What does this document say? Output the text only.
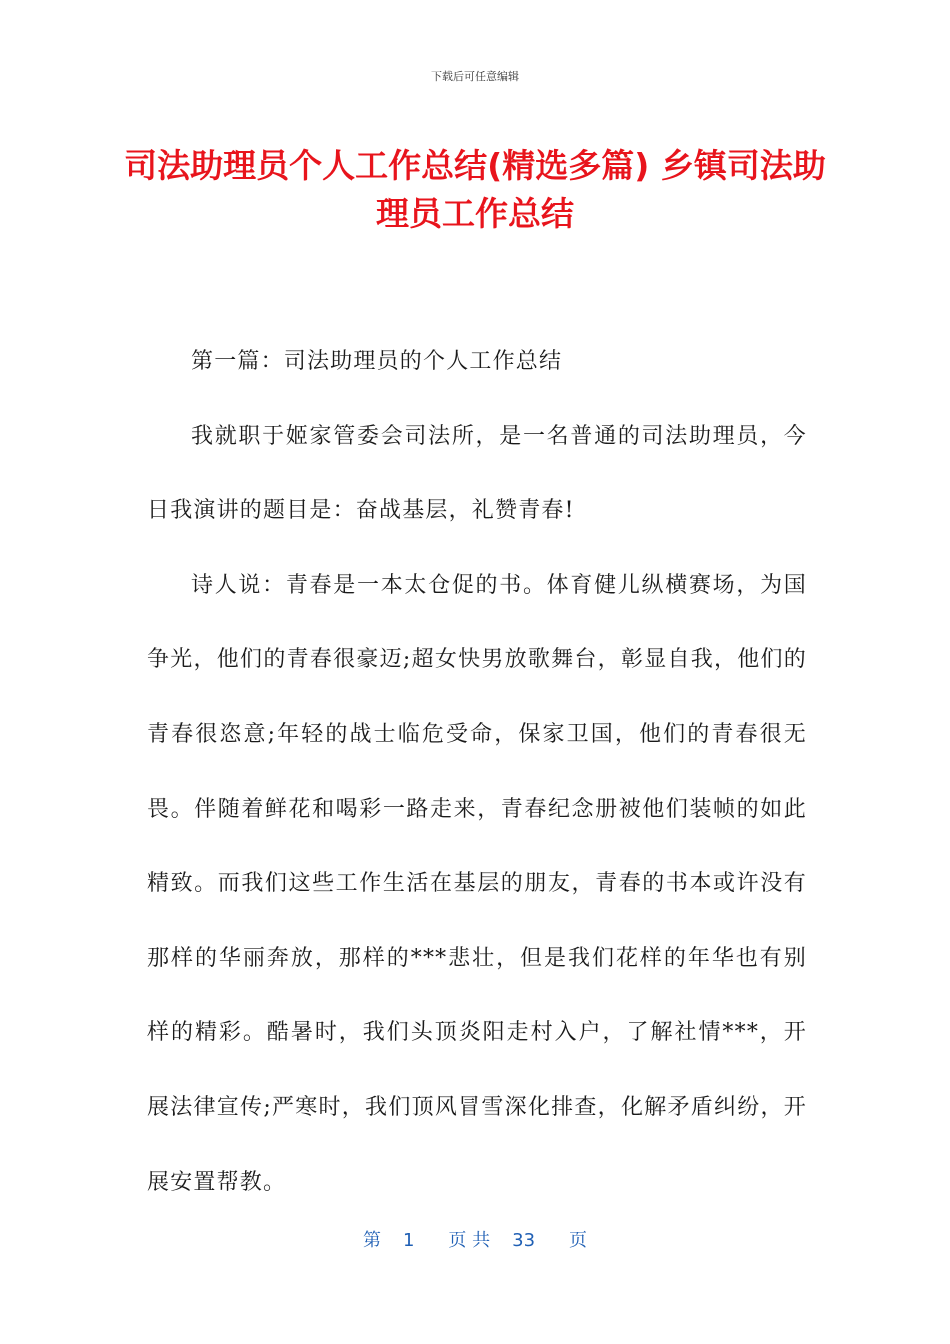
下载后可任意编辑
司法助理员个人工作总结(精选多篇) 乡镇司法助理员工作总结

第一篇：司法助理员的个人工作总结

我就职于姬家管委会司法所，是一名普通的司法助理员，今日我演讲的题目是：奋战基层，礼赞青春!

诗人说：青春是一本太仓促的书。体育健儿纵横赛场，为国争光，他们的青春很豪迈;超女快男放歌舞台，彰显自我，他们的青春很恣意;年轻的战士临危受命，保家卫国，他们的青春很无畏。伴随着鲜花和喝彩一路走来，青春纪念册被他们装帧的如此精致。而我们这些工作生活在基层的朋友，青春的书本或许没有那样的华丽奔放，那样的***悲壮，但是我们花样的年华也有别样的精彩。酷暑时，我们头顶炎阳走村入户，了解社情***，开展法律宣传;严寒时，我们顶风冒雪深化排查，化解矛盾纠纷，开展安置帮教。

第 1 页 共 33 页
